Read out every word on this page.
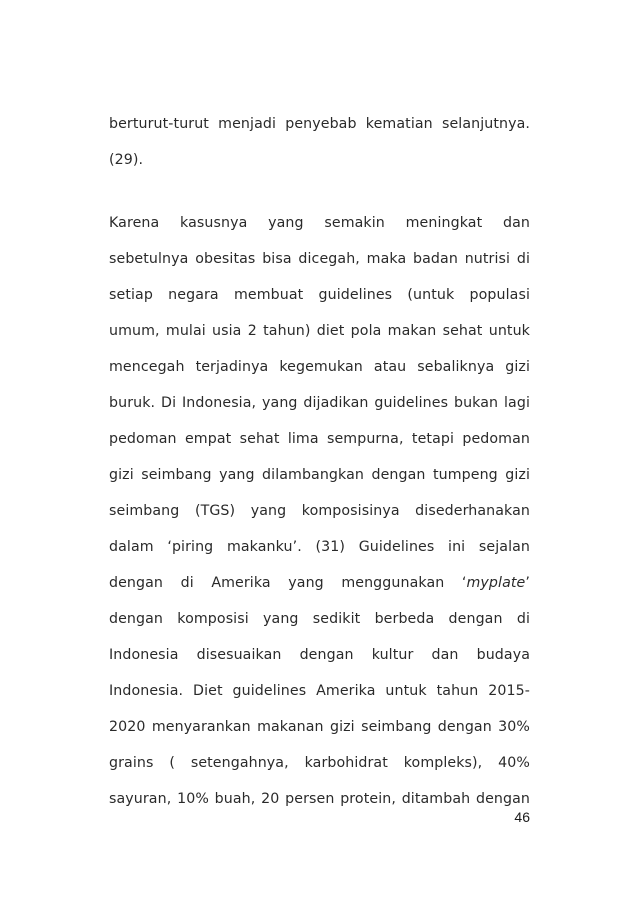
berturut-turut menjadi penyebab kematian selanjutnya.
(29).
Karena kasusnya yang semakin meningkat dan
sebetulnya obesitas bisa dicegah, maka badan nutrisi di
setiap negara membuat guidelines (untuk populasi
umum, mulai usia 2 tahun) diet pola makan sehat untuk
mencegah terjadinya kegemukan atau sebaliknya gizi
buruk. Di Indonesia, yang dijadikan guidelines bukan lagi
pedoman empat sehat lima sempurna, tetapi pedoman
gizi seimbang yang dilambangkan dengan tumpeng gizi
seimbang (TGS) yang komposisinya disederhanakan
dalam ‘piring makanku’. (31) Guidelines ini sejalan
dengan di Amerika yang menggunakan ‘myplate’
dengan komposisi yang sedikit berbeda dengan di
Indonesia disesuaikan dengan kultur dan budaya
Indonesia. Diet guidelines Amerika untuk tahun 2015-
2020 menyarankan makanan gizi seimbang dengan 30%
grains ( setengahnya, karbohidrat kompleks), 40%
sayuran, 10% buah, 20 persen protein, ditambah dengan
46
